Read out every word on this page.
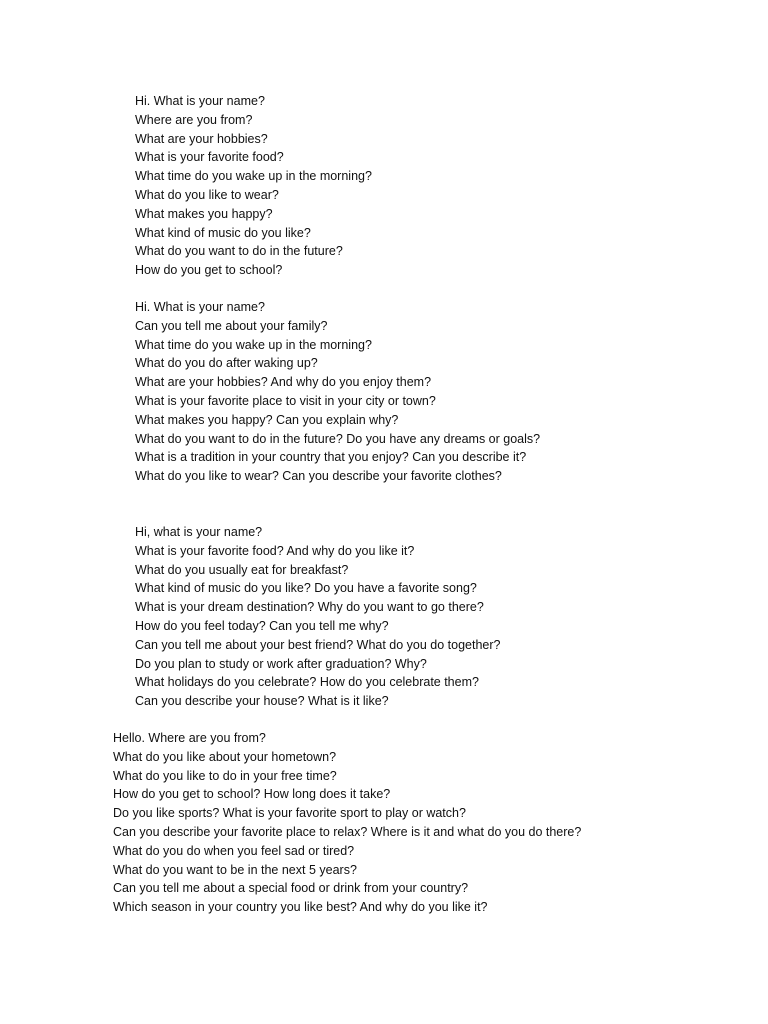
Hi. What is your name?
Where are you from?
What are your hobbies?
What is your favorite food?
What time do you wake up in the morning?
What do you like to wear?
What makes you happy?
What kind of music do you like?
What do you want to do in the future?
How do you get to school?
Hi. What is your name?
Can you tell me about your family?
What time do you wake up in the morning?
What do you do after waking up?
What are your hobbies? And why do you enjoy them?
What is your favorite place to visit in your city or town?
What makes you happy? Can you explain why?
What do you want to do in the future? Do you have any dreams or goals?
What is a tradition in your country that you enjoy? Can you describe it?
What do you like to wear? Can you describe your favorite clothes?
Hi, what is your name?
What is your favorite food? And why do you like it?
What do you usually eat for breakfast?
What kind of music do you like? Do you have a favorite song?
What is your dream destination? Why do you want to go there?
How do you feel today? Can you tell me why?
Can you tell me about your best friend? What do you do together?
Do you plan to study or work after graduation? Why?
What holidays do you celebrate? How do you celebrate them?
Can you describe your house? What is it like?
Hello. Where are you from?
What do you like about your hometown?
What do you like to do in your free time?
How do you get to school? How long does it take?
Do you like sports? What is your favorite sport to play or watch?
Can you describe your favorite place to relax? Where is it and what do you do there?
What do you do when you feel sad or tired?
What do you want to be in the next 5 years?
Can you tell me about a special food or drink from your country?
Which season in your country you like best? And why do you like it?
